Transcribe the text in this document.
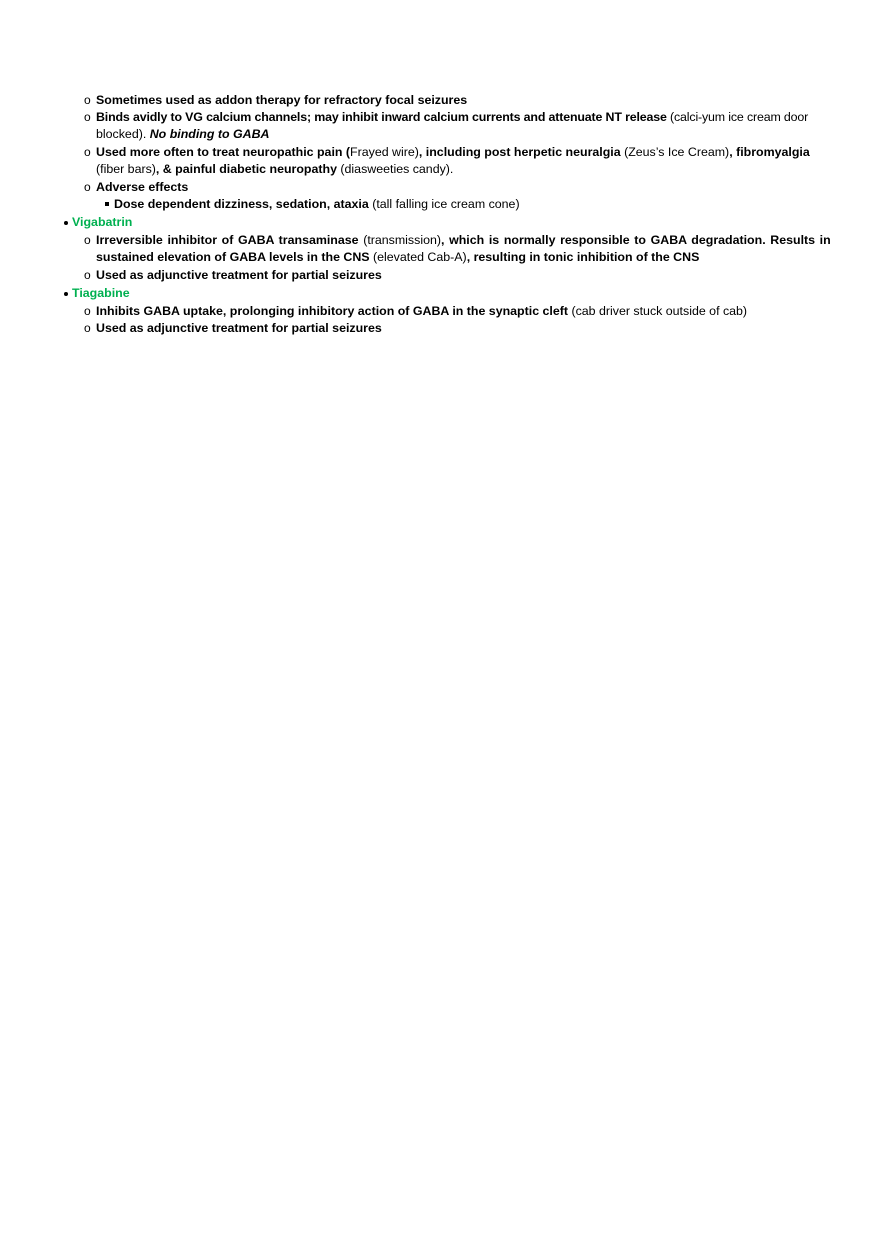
o Sometimes used as addon therapy for refractory focal seizures
o Binds avidly to VG calcium channels; may inhibit inward calcium currents and attenuate NT release (calci-yum ice cream door
blocked). No binding to GABA
o Used more often to treat neuropathic pain (Frayed wire), including post herpetic neuralgia (Zeus’s Ice Cream), fibromyalgia
(fiber bars), & painful diabetic neuropathy (diasweeties candy).
o Adverse effects
Dose dependent dizziness, sedation, ataxia (tall falling ice cream cone)
Vigabatrin
o Irreversible inhibitor of GABA transaminase (transmission), which is normally responsible to GABA degradation. Results in
sustained elevation of GABA levels in the CNS (elevated Cab-A), resulting in tonic inhibition of the CNS
o Used as adjunctive treatment for partial seizures
Tiagabine
o Inhibits GABA uptake, prolonging inhibitory action of GABA in the synaptic cleft (cab driver stuck outside of cab)
o Used as adjunctive treatment for partial seizures
